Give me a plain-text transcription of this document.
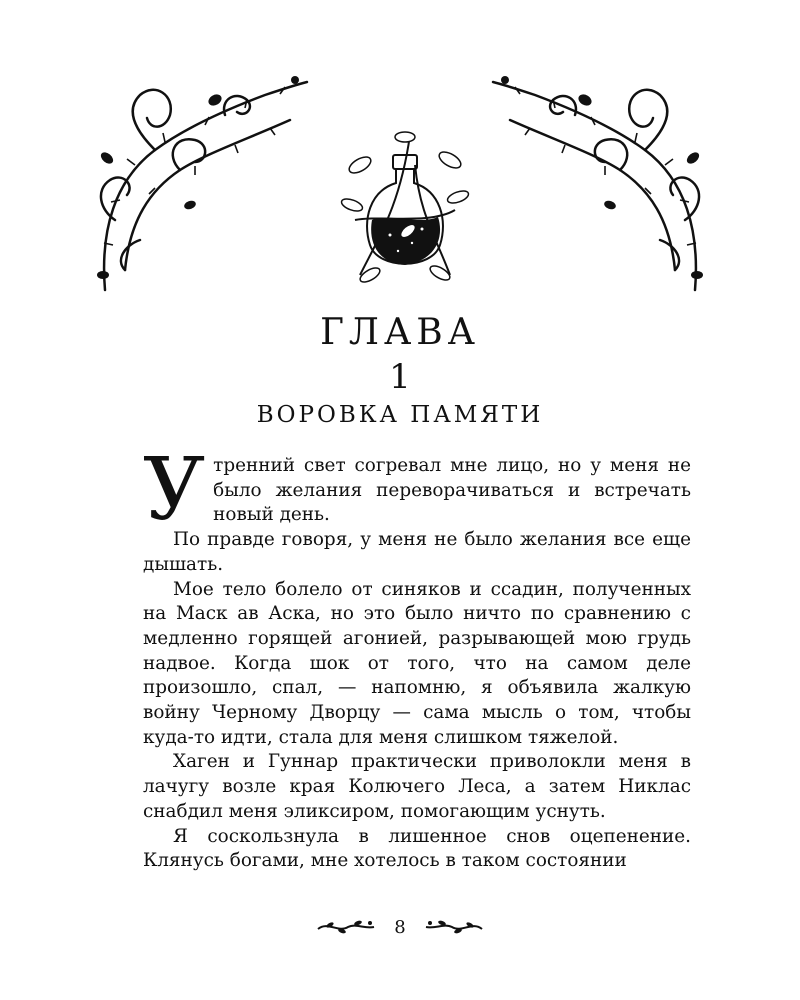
ГЛАВА
1
ВОРОВКА ПАМЯТИ
У тренний свет согревал мне лицо, но у меня не было желания переворачиваться и встречать новый день.

По правде говоря, у меня не было желания все еще дышать.

Мое тело болело от синяков и ссадин, полученных на Маск ав Аска, но это было ничто по сравнению с медленно горящей агонией, разрывающей мою грудь надвое. Когда шок от того, что на самом деле произошло, спал, — напомню, я объявила жалкую войну Черному Дворцу — сама мысль о том, чтобы куда-то идти, стала для меня слишком тяжелой.

Хаген и Гуннар практически приволокли меня в лачугу возле края Колючего Леса, а затем Никлас снабдил меня эликсиром, помогающим уснуть.

Я соскользнула в лишенное снов оцепенение. Клянусь богами, мне хотелось в таком состоянии

8
